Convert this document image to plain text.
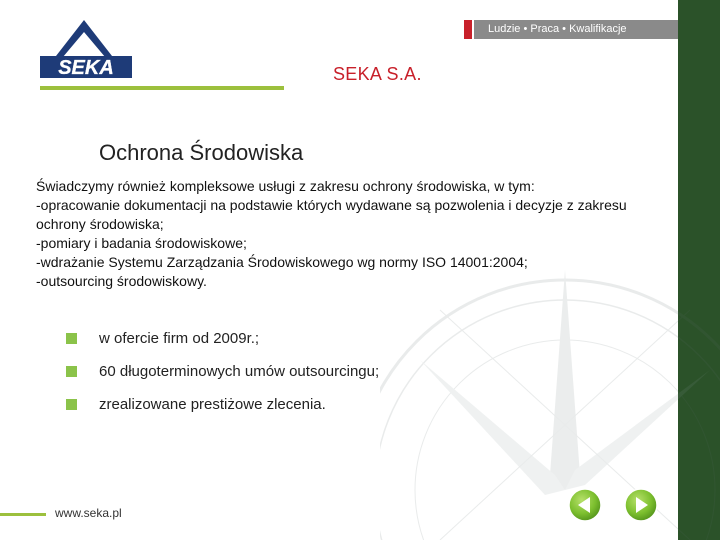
SEKA	SEKA S.A.
Ludzie • Praca • Kwalifikacje
Ochrona Środowiska

Świadczymy również kompleksowe usługi z zakresu ochrony środowiska, w tym:

-opracowanie dokumentacji na podstawie których wydawane są pozwolenia i decyzje z zakresu ochrony środowiska;

-pomiary i badania środowiskowe;

-wdrażanie Systemu Zarządzania Środowiskowego wg normy ISO 14001:2004;

-outsourcing środowiskowy.

w ofercie firm od 2009r.;
60 długoterminowych umów outsourcingu;
zrealizowane prestiżowe zlecenia.
www.seka.pl
